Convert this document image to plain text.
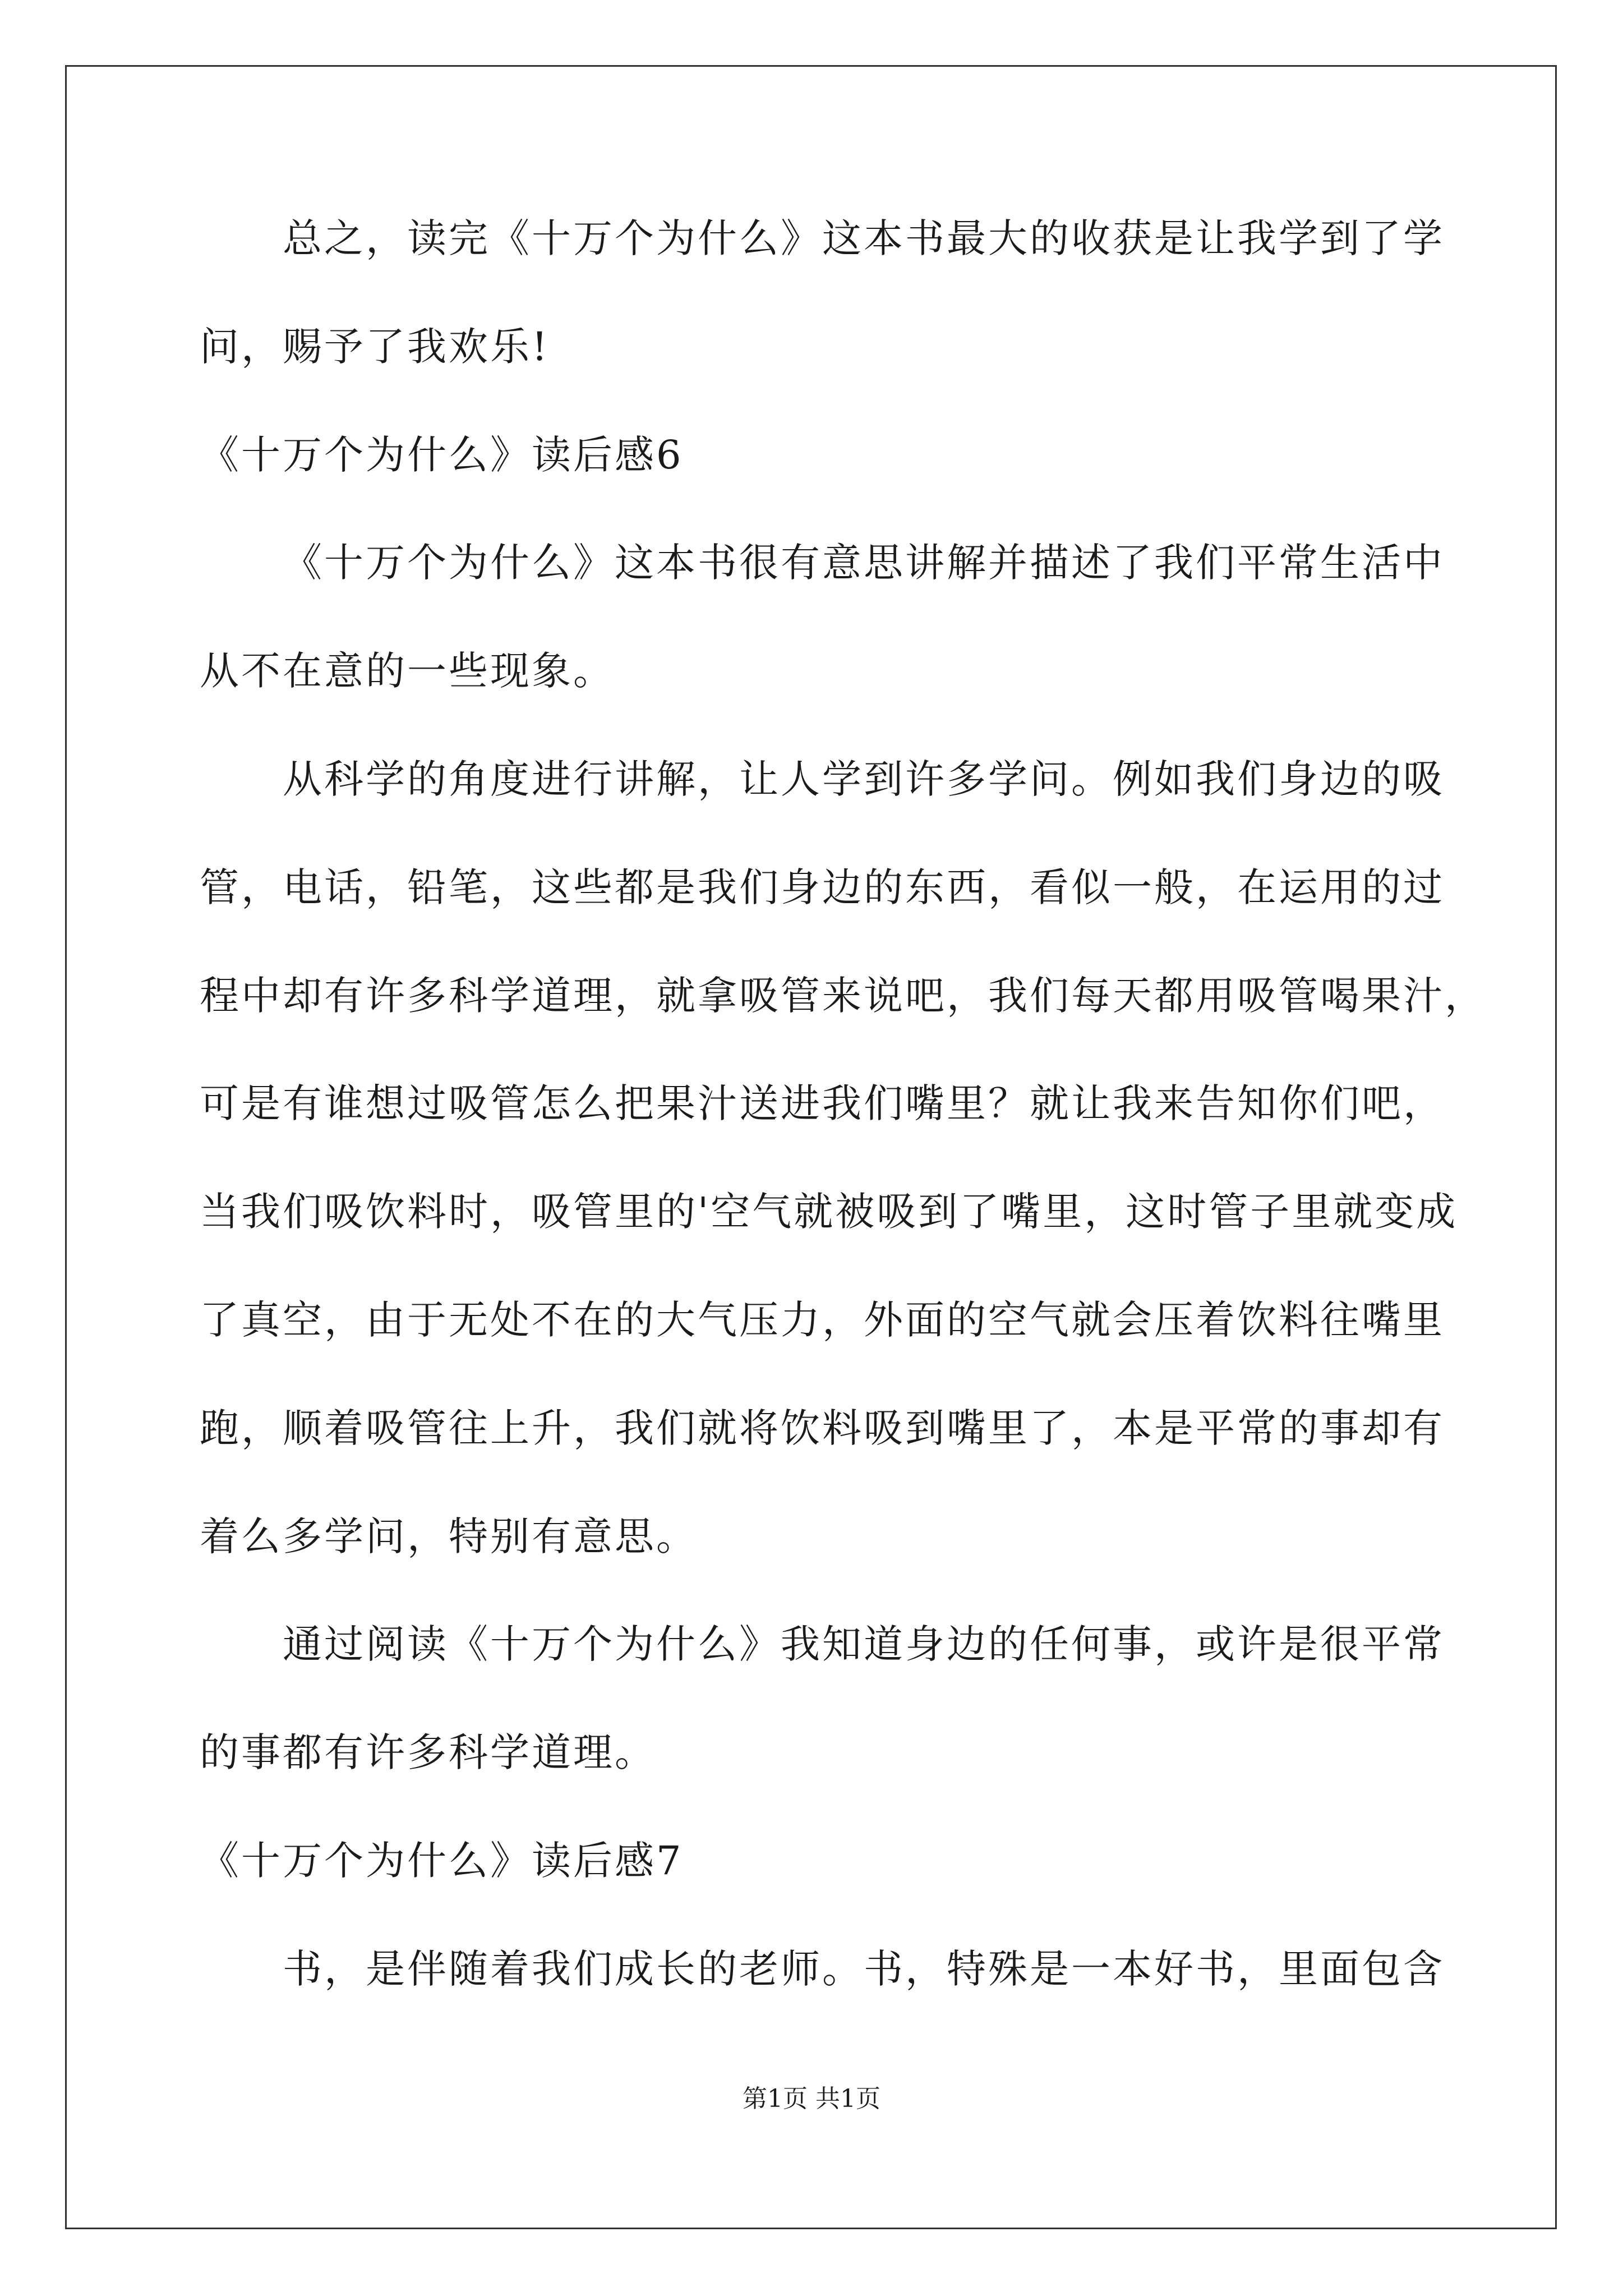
总之，读完《十万个为什么》这本书最大的收获是让我学到了学
问，赐予了我欢乐!
《十万个为什么》读后感6
《十万个为什么》这本书很有意思讲解并描述了我们平常生活中
从不在意的一些现象。
从科学的角度进行讲解，让人学到许多学问。例如我们身边的吸
管，电话，铅笔，这些都是我们身边的东西，看似一般，在运用的过
程中却有许多科学道理，就拿吸管来说吧，我们每天都用吸管喝果汁，
可是有谁想过吸管怎么把果汁送进我们嘴里？就让我来告知你们吧，
当我们吸饮料时，吸管里的'空气就被吸到了嘴里，这时管子里就变成
了真空，由于无处不在的大气压力，外面的空气就会压着饮料往嘴里
跑，顺着吸管往上升，我们就将饮料吸到嘴里了，本是平常的事却有
着么多学问，特别有意思。
通过阅读《十万个为什么》我知道身边的任何事，或许是很平常
的事都有许多科学道理。
《十万个为什么》读后感7
书，是伴随着我们成长的老师。书，特殊是一本好书，里面包含
第1页 共1页
